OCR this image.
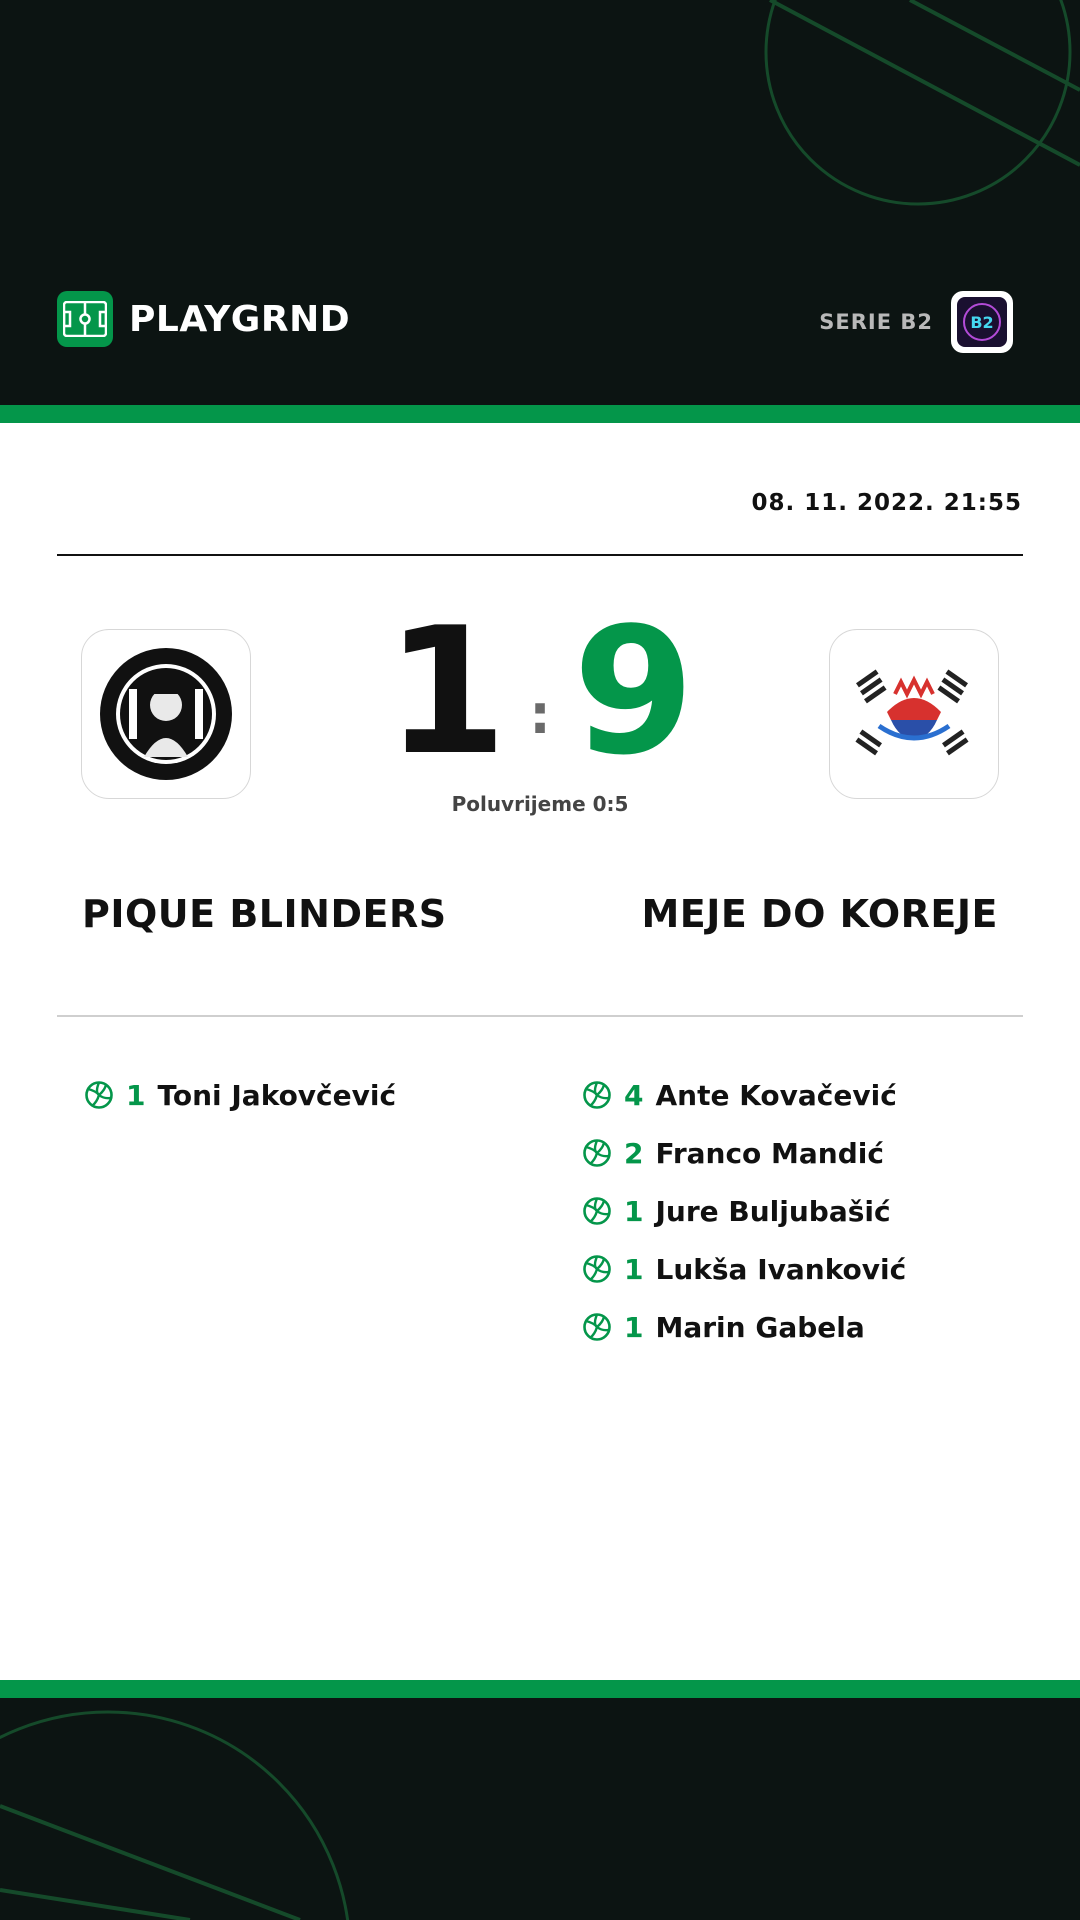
PLAYGRND	SERIE B2 B2
08. 11. 2022. 21:55
1 : 9
Poluvrijeme 0:5
PIQUE BLINDERS	MEJE DO KOREJE
1 Toni Jakovčević	4 Ante Kovačević
2 Franco Mandić
1 Jure Buljubašić
1 Lukša Ivanković
1 Marin Gabela
